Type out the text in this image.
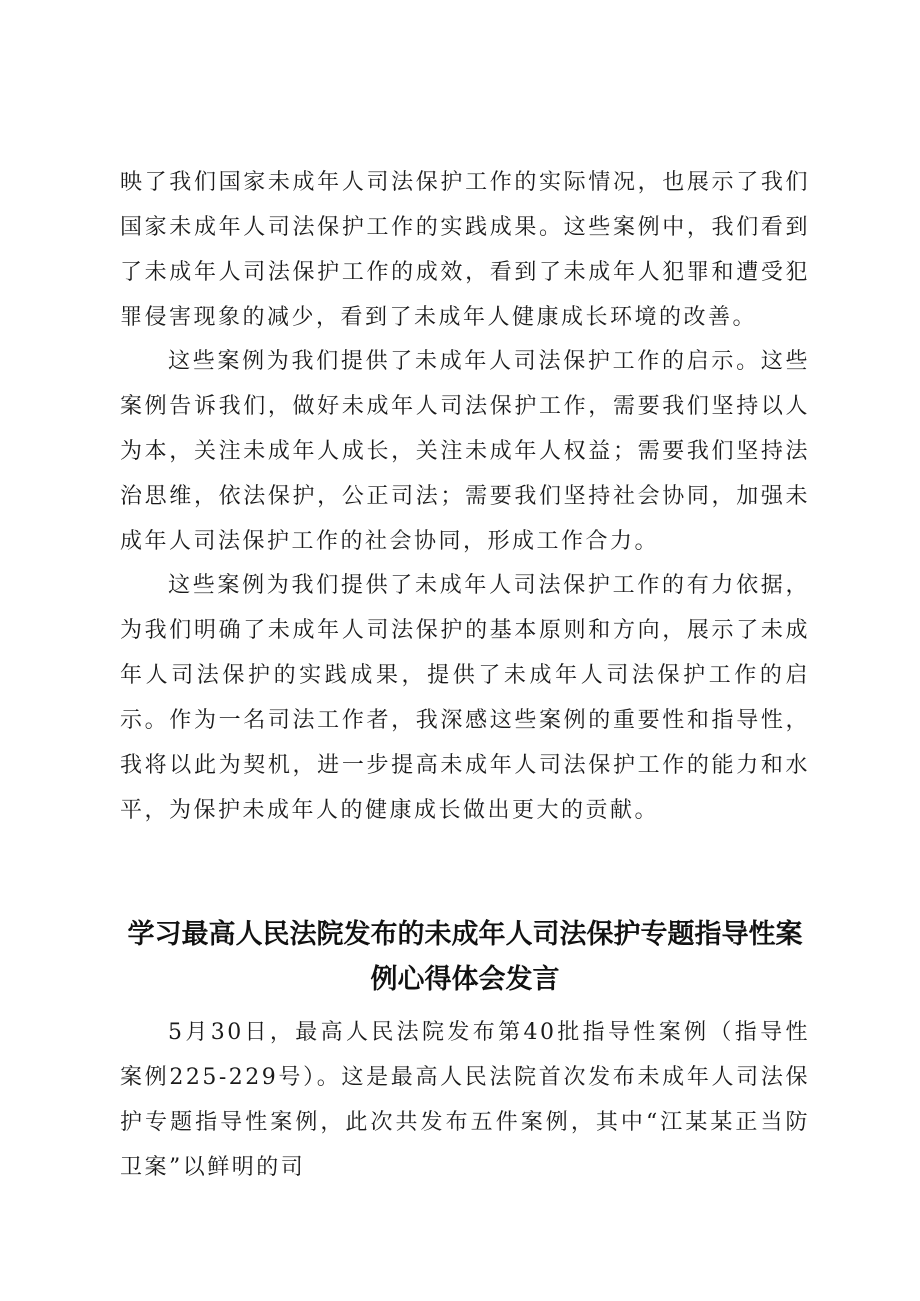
映了我们国家未成年人司法保护工作的实际情况，也展示了我们国家未成年人司法保护工作的实践成果。这些案例中，我们看到了未成年人司法保护工作的成效，看到了未成年人犯罪和遭受犯罪侵害现象的减少，看到了未成年人健康成长环境的改善。

这些案例为我们提供了未成年人司法保护工作的启示。这些案例告诉我们，做好未成年人司法保护工作，需要我们坚持以人为本，关注未成年人成长，关注未成年人权益；需要我们坚持法治思维，依法保护，公正司法；需要我们坚持社会协同，加强未成年人司法保护工作的社会协同，形成工作合力。

这些案例为我们提供了未成年人司法保护工作的有力依据，为我们明确了未成年人司法保护的基本原则和方向，展示了未成年人司法保护的实践成果，提供了未成年人司法保护工作的启示。作为一名司法工作者，我深感这些案例的重要性和指导性，我将以此为契机，进一步提高未成年人司法保护工作的能力和水平，为保护未成年人的健康成长做出更大的贡献。

学习最高人民法院发布的未成年人司法保护专题指导性案例心得体会发言

5月30日，最高人民法院发布第40批指导性案例（指导性案例225-229号）。这是最高人民法院首次发布未成年人司法保护专题指导性案例，此次共发布五件案例，其中“江某某正当防卫案”以鲜明的司
